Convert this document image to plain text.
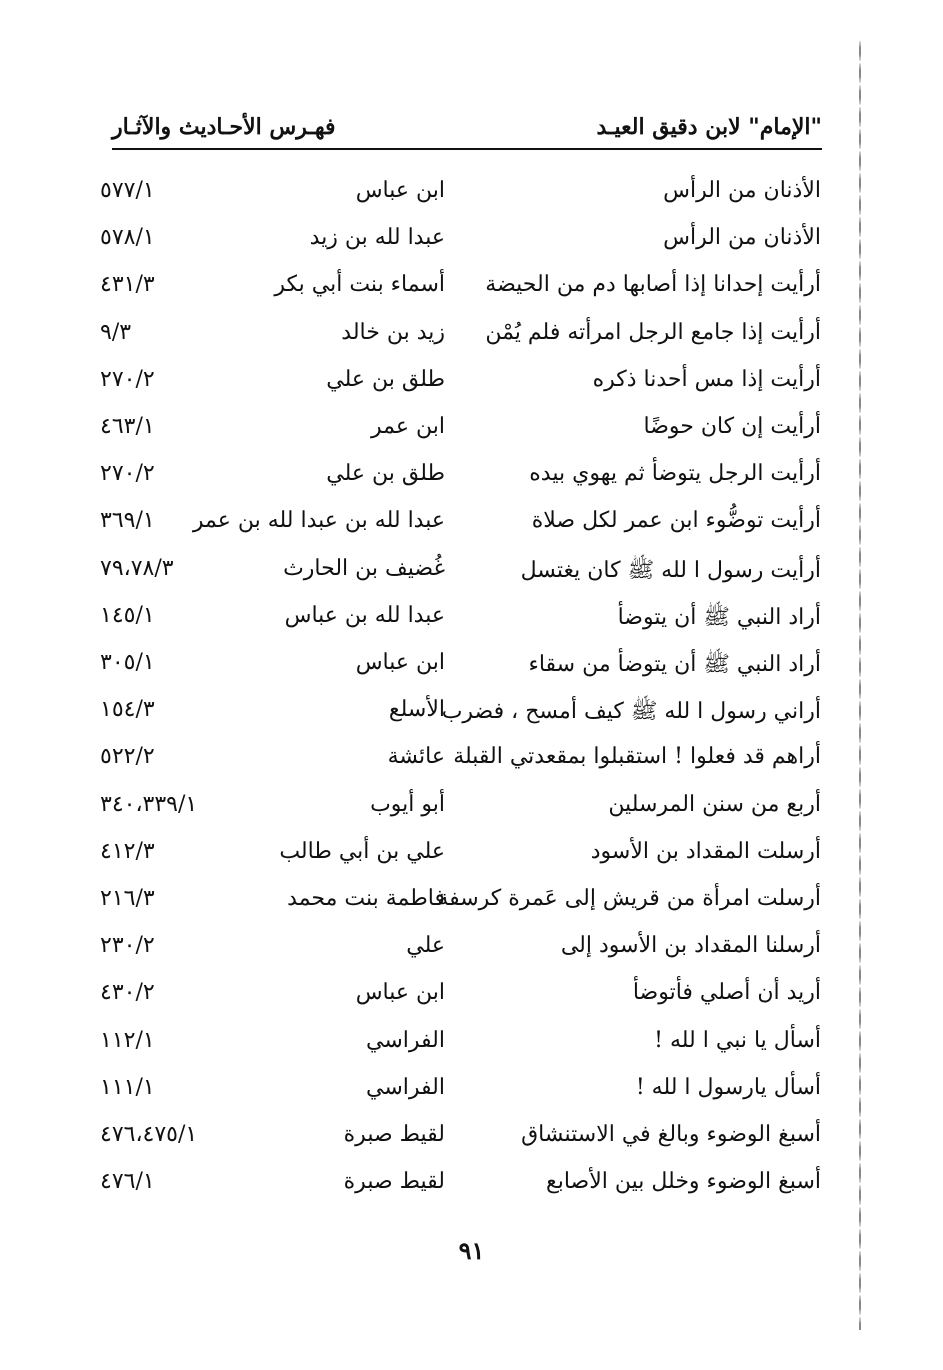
"الإمام" لابن دقيق العيـد
فهـرس الأحـاديث والآثـار
الأذنان من الرأس
ابن عباس
٥٧٧/١
الأذنان من الرأس
عبدا لله بن زيد
٥٧٨/١
أرأيت إحدانا إذا أصابها دم من الحيضة
أسماء بنت أبي بكر
٤٣١/٣
أرأيت إذا جامع الرجل امرأته فلم يُمْن
زيد بن خالد
٩/٣
أرأيت إذا مس أحدنا ذكره
طلق بن علي
٢٧٠/٢
أرأيت إن كان حوضًا
ابن عمر
٤٦٣/١
أرأيت الرجل يتوضأ ثم يهوي بيده
طلق بن علي
٢٧٠/٢
أرأيت توضُّوء ابن عمر لكل صلاة
عبدا لله بن عبدا لله بن عمر
٣٦٩/١
أرأيت رسول ا لله ﷺ كان يغتسل
غُضيف بن الحارث
٧٩،٧٨/٣
أراد النبي ﷺ أن يتوضأ
عبدا لله بن عباس
١٤٥/١
أراد النبي ﷺ أن يتوضأ من سقاء
ابن عباس
٣٠٥/١
أراني رسول ا لله ﷺ كيف أمسح ، فضرب
الأسلع
١٥٤/٣
أراهم قد فعلوا ! استقبلوا بمقعدتي القبلة
عائشة
٥٢٢/٢
أربع من سنن المرسلين
أبو أيوب
٣٤٠،٣٣٩/١
أرسلت المقداد بن الأسود
علي بن أبي طالب
٤١٢/٣
أرسلت امرأة من قريش إلى عَمرة كرسفة
فاطمة بنت محمد
٢١٦/٣
أرسلنا المقداد بن الأسود إلى
علي
٢٣٠/٢
أريد أن أصلي فأتوضأ
ابن عباس
٤٣٠/٢
أسأل يا نبي ا لله !
الفراسي
١١٢/١
أسأل يارسول ا لله !
الفراسي
١١١/١
أسبغ الوضوء وبالغ في الاستنشاق
لقيط صبرة
٤٧٦،٤٧٥/١
أسبغ الوضوء وخلل بين الأصابع
لقيط صبرة
٤٧٦/١
٩١
